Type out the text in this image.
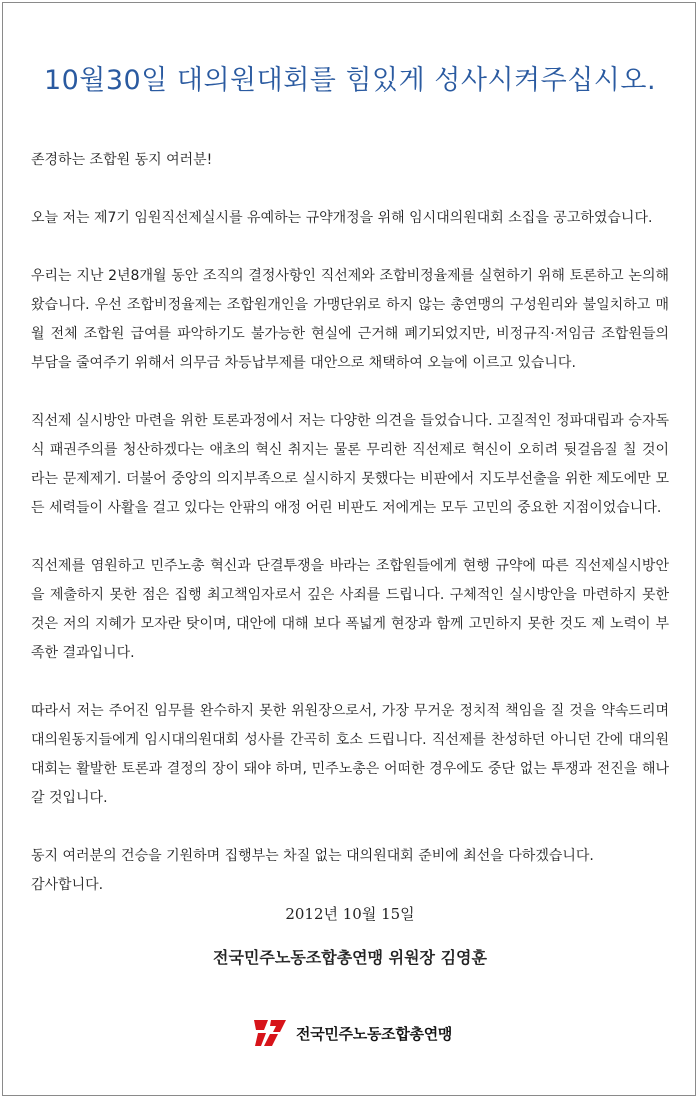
10월30일 대의원대회를 힘있게 성사시켜주십시오.

존경하는 조합원 동지 여러분!

오늘 저는 제7기 임원직선제실시를 유예하는 규약개정을 위해 임시대의원대회 소집을 공고하였습니다.

우리는 지난 2년8개월 동안 조직의 결정사항인 직선제와 조합비정율제를 실현하기 위해 토론하고 논의해왔습니다. 우선 조합비정율제는 조합원개인을 가맹단위로 하지 않는 총연맹의 구성원리와 불일치하고 매월 전체 조합원 급여를 파악하기도 불가능한 현실에 근거해 폐기되었지만, 비정규직·저임금 조합원들의 부담을 줄여주기 위해서 의무금 차등납부제를 대안으로 채택하여 오늘에 이르고 있습니다.

직선제 실시방안 마련을 위한 토론과정에서 저는 다양한 의견을 들었습니다. 고질적인 정파대립과 승자독식 패권주의를 청산하겠다는 애초의 혁신 취지는 물론 무리한 직선제로 혁신이 오히려 뒷걸음질 칠 것이라는 문제제기. 더불어 중앙의 의지부족으로 실시하지 못했다는 비판에서 지도부선출을 위한 제도에만 모든 세력들이 사활을 걸고 있다는 안팎의 애정 어린 비판도 저에게는 모두 고민의 중요한 지점이었습니다.

직선제를 염원하고 민주노총 혁신과 단결투쟁을 바라는 조합원들에게 현행 규약에 따른 직선제실시방안을 제출하지 못한 점은 집행 최고책임자로서 깊은 사죄를 드립니다. 구체적인 실시방안을 마련하지 못한 것은 저의 지혜가 모자란 탓이며, 대안에 대해 보다 폭넓게 현장과 함께 고민하지 못한 것도 제 노력이 부족한 결과입니다.

따라서 저는 주어진 임무를 완수하지 못한 위원장으로서, 가장 무거운 정치적 책임을 질 것을 약속드리며 대의원동지들에게 임시대의원대회 성사를 간곡히 호소 드립니다. 직선제를 찬성하던 아니던 간에 대의원대회는 활발한 토론과 결정의 장이 돼야 하며, 민주노총은 어떠한 경우에도 중단 없는 투쟁과 전진을 해나갈 것입니다.

동지 여러분의 건승을 기원하며 집행부는 차질 없는 대의원대회 준비에 최선을 다하겠습니다.

감사합니다.

2012년 10월 15일
전국민주노동조합총연맹 위원장 김영훈
전국민주노동조합총연맹
